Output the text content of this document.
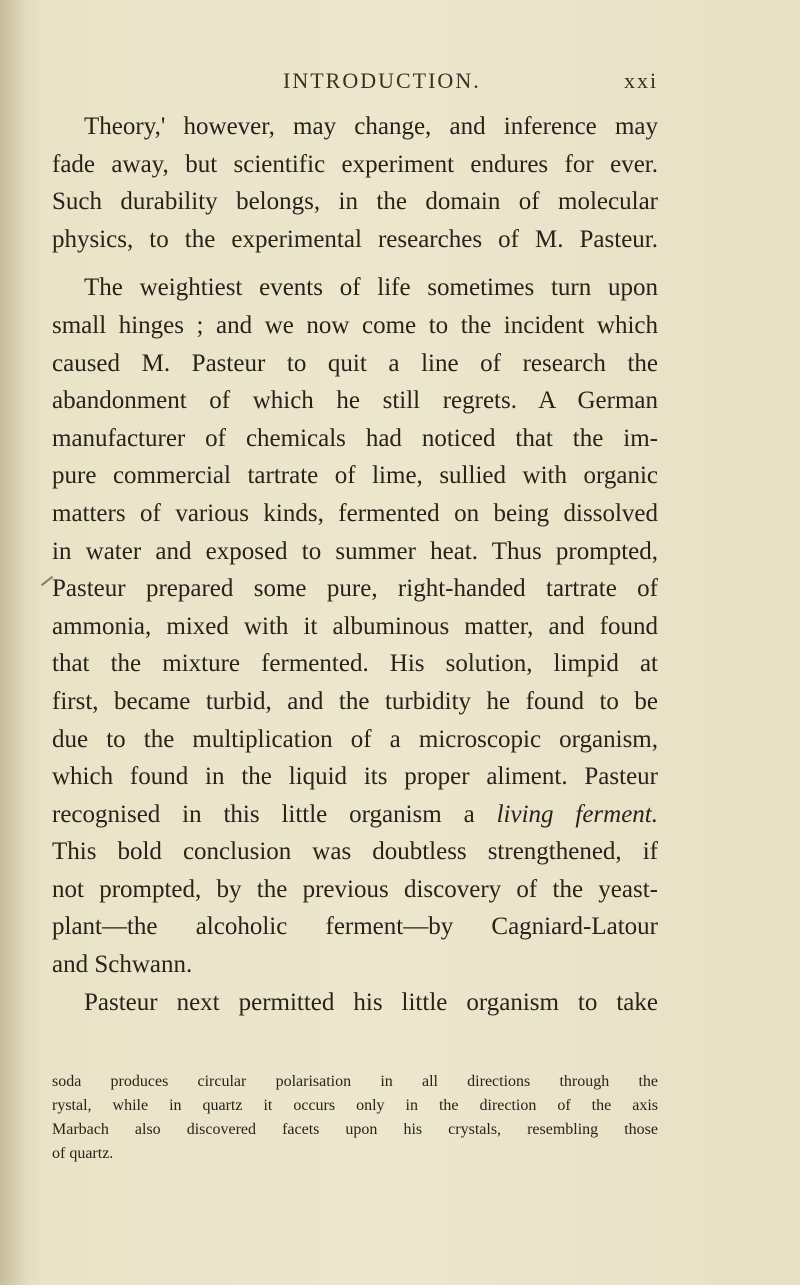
INTRODUCTION.	xxi
Theory,' however, may change, and inference may
fade away, but scientific experiment endures for ever.
Such durability belongs, in the domain of molecular
physics, to the experimental researches of M. Pasteur.
The weightiest events of life sometimes turn upon
small hinges ; and we now come to the incident which
caused M. Pasteur to quit a line of research the
abandonment of which he still regrets. A German
manufacturer of chemicals had noticed that the im-
pure commercial tartrate of lime, sullied with organic
matters of various kinds, fermented on being dissolved
in water and exposed to summer heat. Thus prompted,
Pasteur prepared some pure, right-handed tartrate of
ammonia, mixed with it albuminous matter, and found
that the mixture fermented. His solution, limpid at
first, became turbid, and the turbidity he found to be
due to the multiplication of a microscopic organism,
which found in the liquid its proper aliment. Pasteur
recognised in this little organism a living ferment.
This bold conclusion was doubtless strengthened, if
not prompted, by the previous discovery of the yeast-
plant—the alcoholic ferment—by Cagniard-Latour
and Schwann.
Pasteur next permitted his little organism to take
soda produces circular polarisation in all directions through the
rystal, while in quartz it occurs only in the direction of the axis
Marbach also discovered facets upon his crystals, resembling those
of quartz.
